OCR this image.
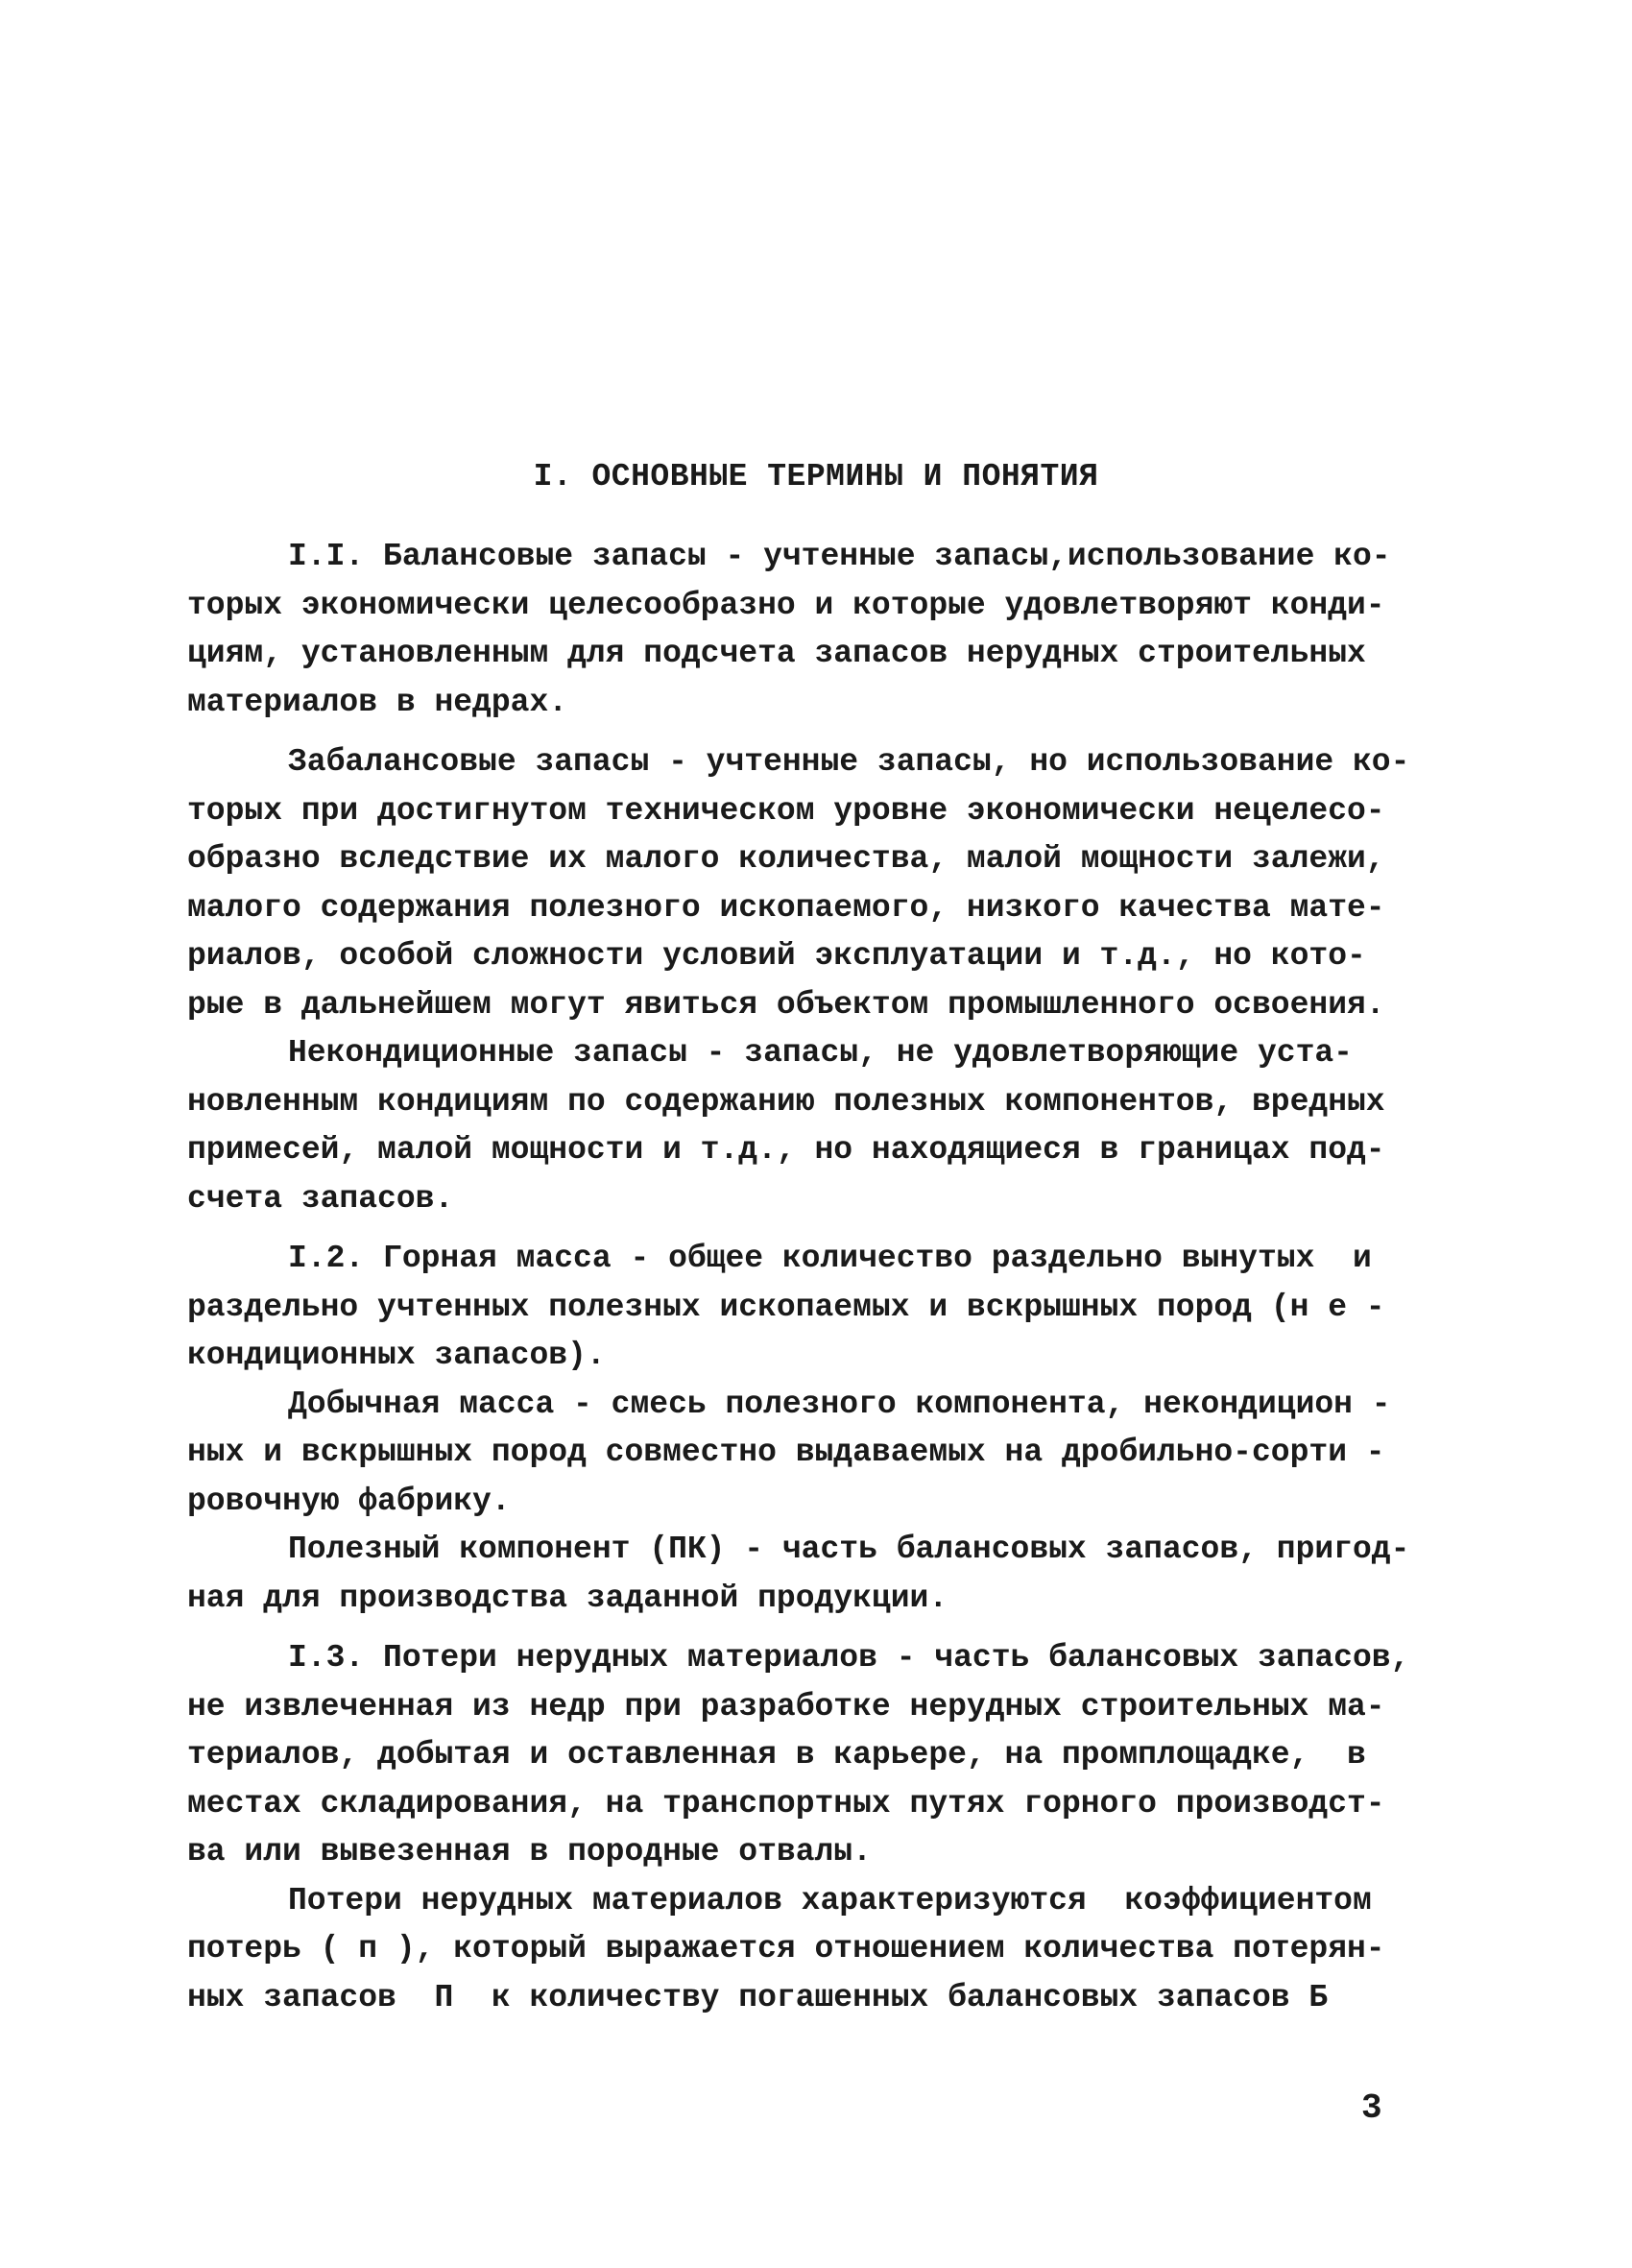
I. ОСНОВНЫЕ ТЕРМИНЫ И ПОНЯТИЯ
I.I. Балансовые запасы - учтенные запасы,использование ко-
торых экономически целесообразно и которые удовлетворяют конди-
циям, установленным для подсчета запасов нерудных строительных
материалов в недрах.
Забалансовые запасы - учтенные запасы, но использование ко-
торых при достигнутом техническом уровне экономически нецелесо-
образно вследствие их малого количества, малой мощности залежи,
малого содержания полезного ископаемого, низкого качества мате-
риалов, особой сложности условий эксплуатации и т.д., но кото-
рые в дальнейшем могут явиться объектом промышленного освоения.
Некондиционные запасы - запасы, не удовлетворяющие уста-
новленным кондициям по содержанию полезных компонентов, вредных
примесей, малой мощности и т.д., но находящиеся в границах под-
счета запасов.
I.2. Горная масса - общее количество раздельно вынутых  и
раздельно учтенных полезных ископаемых и вскрышных пород (н е -
кондиционных запасов).
Добычная масса - смесь полезного компонента, некондицион -
ных и вскрышных пород совместно выдаваемых на дробильно-сорти -
ровочную фабрику.
Полезный компонент (ПК) - часть балансовых запасов, пригод-
ная для производства заданной продукции.
I.3. Потери нерудных материалов - часть балансовых запасов,
не извлеченная из недр при разработке нерудных строительных ма-
териалов, добытая и оставленная в карьере, на промплощадке,  в
местах складирования, на транспортных путях горного производст-
ва или вывезенная в породные отвалы.
Потери нерудных материалов характеризуются  коэффициентом
потерь ( п ), который выражается отношением количества потерян-
ных запасов  П  к количеству погашенных балансовых запасов Б

3
